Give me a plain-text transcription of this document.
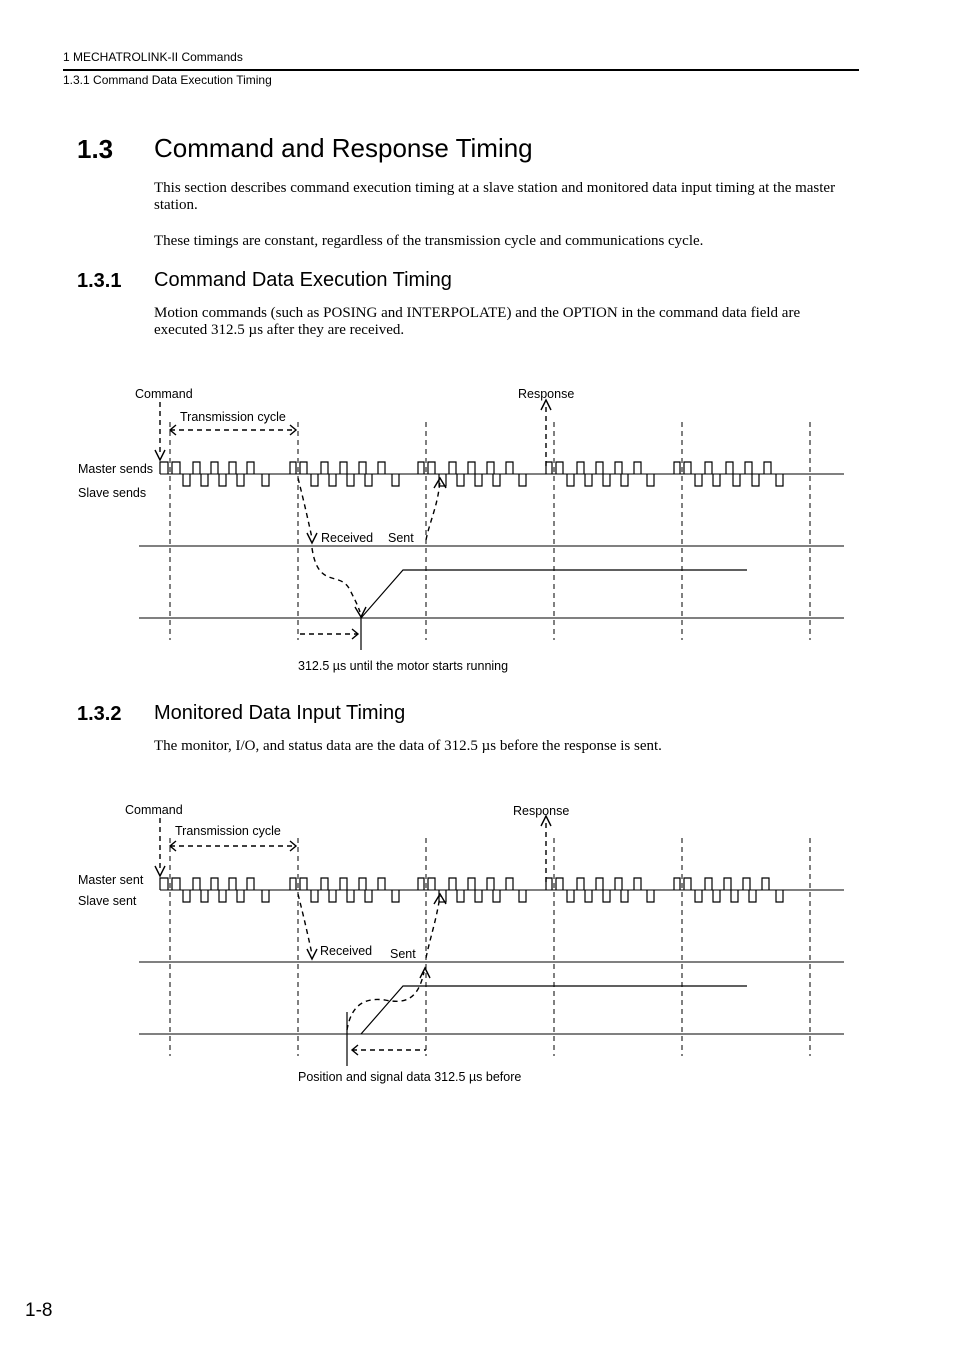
1 MECHATROLINK-II Commands
1.3.1 Command Data Execution Timing
1.3 Command and Response Timing
This section describes command execution timing at a slave station and monitored data input timing at the master station.
These timings are constant, regardless of the transmission cycle and communications cycle.
1.3.1 Command Data Execution Timing
Motion commands (such as POSING and INTERPOLATE) and the OPTION in the command data field are executed 312.5 µs after they are received.
Command
Transmission cycle
Response
Master sends
Slave sends
Received Sent
312.5 µs until the motor starts running
1.3.2 Monitored Data Input Timing
The monitor, I/O, and status data are the data of 312.5 µs before the response is sent.
Command
Transmission cycle
Response
Master sent
Slave sent
Received Sent
Position and signal data 312.5 µs before
1-8
